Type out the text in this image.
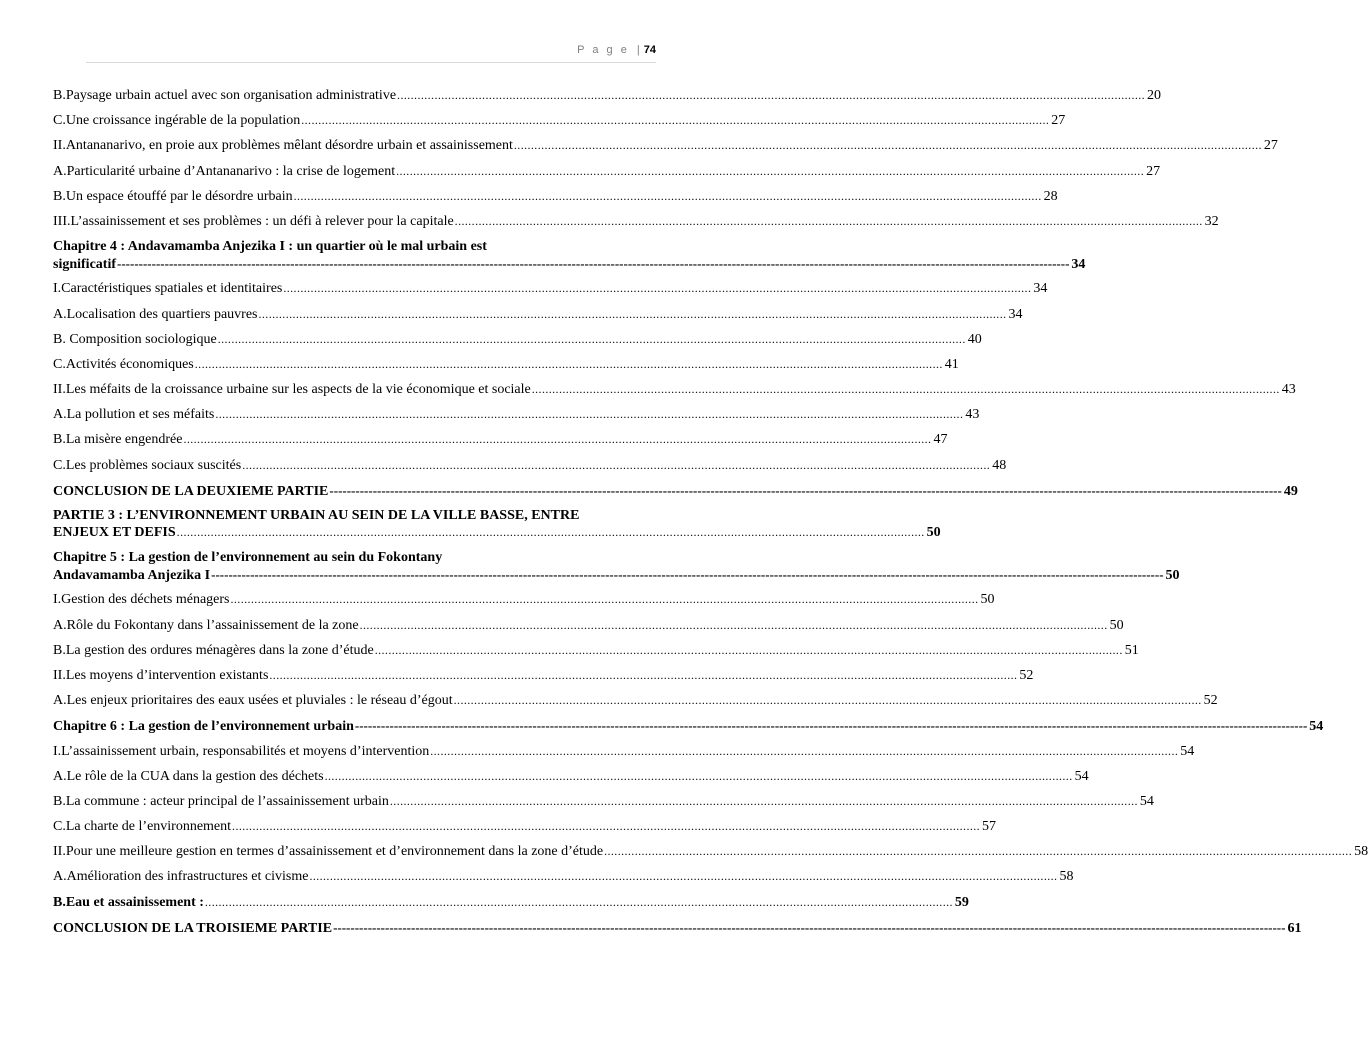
P a g e | 74
B.Paysage urbain actuel avec son organisation administrative ............................................................................................................................................................................................................................ 20
C.Une croissance ingérable de la population ............................................................................................................................................................................................................................ 27
II.Antananarivo, en proie aux problèmes mêlant désordre urbain et assainissement ............................................................................................................................................................................................................................ 27
A.Particularité urbaine d’Antananarivo : la crise de logement ............................................................................................................................................................................................................................ 27
B.Un espace étouffé par le désordre urbain ............................................................................................................................................................................................................................ 28
III.L’assainissement et ses problèmes : un défi à relever pour la capitale ............................................................................................................................................................................................................................ 32
Chapitre 4 : Andavamamba Anjezika I : un quartier où le mal urbain est
significatif ---------------------------------------------------------------------------------------------------------------------------------------------------------------------------------------------------------------------------- 34
I.Caractéristiques spatiales et identitaires ............................................................................................................................................................................................................................ 34
A.Localisation des quartiers pauvres ............................................................................................................................................................................................................................ 34
B. Composition sociologique ............................................................................................................................................................................................................................ 40
C.Activités économiques ............................................................................................................................................................................................................................ 41
II.Les méfaits de la croissance urbaine sur les aspects de la vie économique et sociale ............................................................................................................................................................................................................................ 43
A.La pollution et ses méfaits ............................................................................................................................................................................................................................ 43
B.La misère engendrée ............................................................................................................................................................................................................................ 47
C.Les problèmes sociaux suscités ............................................................................................................................................................................................................................ 48
CONCLUSION DE LA DEUXIEME PARTIE ---------------------------------------------------------------------------------------------------------------------------------------------------------------------------------------------------------------------------- 49
PARTIE 3 : L’ENVIRONNEMENT URBAIN AU SEIN DE LA VILLE BASSE, ENTRE
ENJEUX ET DEFIS ............................................................................................................................................................................................................................ 50
Chapitre 5 : La gestion de l’environnement au sein du Fokontany
Andavamamba Anjezika I ---------------------------------------------------------------------------------------------------------------------------------------------------------------------------------------------------------------------------- 50
I.Gestion des déchets ménagers ............................................................................................................................................................................................................................ 50
A.Rôle du Fokontany dans l’assainissement de la zone ............................................................................................................................................................................................................................ 50
B.La gestion des ordures ménagères dans la zone d’étude ............................................................................................................................................................................................................................ 51
II.Les moyens d’intervention existants ............................................................................................................................................................................................................................ 52
A.Les enjeux prioritaires des eaux usées et pluviales : le réseau d’égout ............................................................................................................................................................................................................................ 52
Chapitre 6 : La gestion de l’environnement urbain ---------------------------------------------------------------------------------------------------------------------------------------------------------------------------------------------------------------------------- 54
I.L’assainissement urbain, responsabilités et moyens d’intervention ............................................................................................................................................................................................................................ 54
A.Le rôle de la CUA dans la gestion des déchets ............................................................................................................................................................................................................................ 54
B.La commune : acteur principal de l’assainissement urbain ............................................................................................................................................................................................................................ 54
C.La charte de l’environnement ............................................................................................................................................................................................................................ 57
II.Pour une meilleure gestion en termes d’assainissement et d’environnement dans la zone d’étude ............................................................................................................................................................................................................................ 58
A.Amélioration des infrastructures et civisme ............................................................................................................................................................................................................................ 58
B.Eau et assainissement : ............................................................................................................................................................................................................................ 59
CONCLUSION DE LA TROISIEME PARTIE ---------------------------------------------------------------------------------------------------------------------------------------------------------------------------------------------------------------------------- 61
